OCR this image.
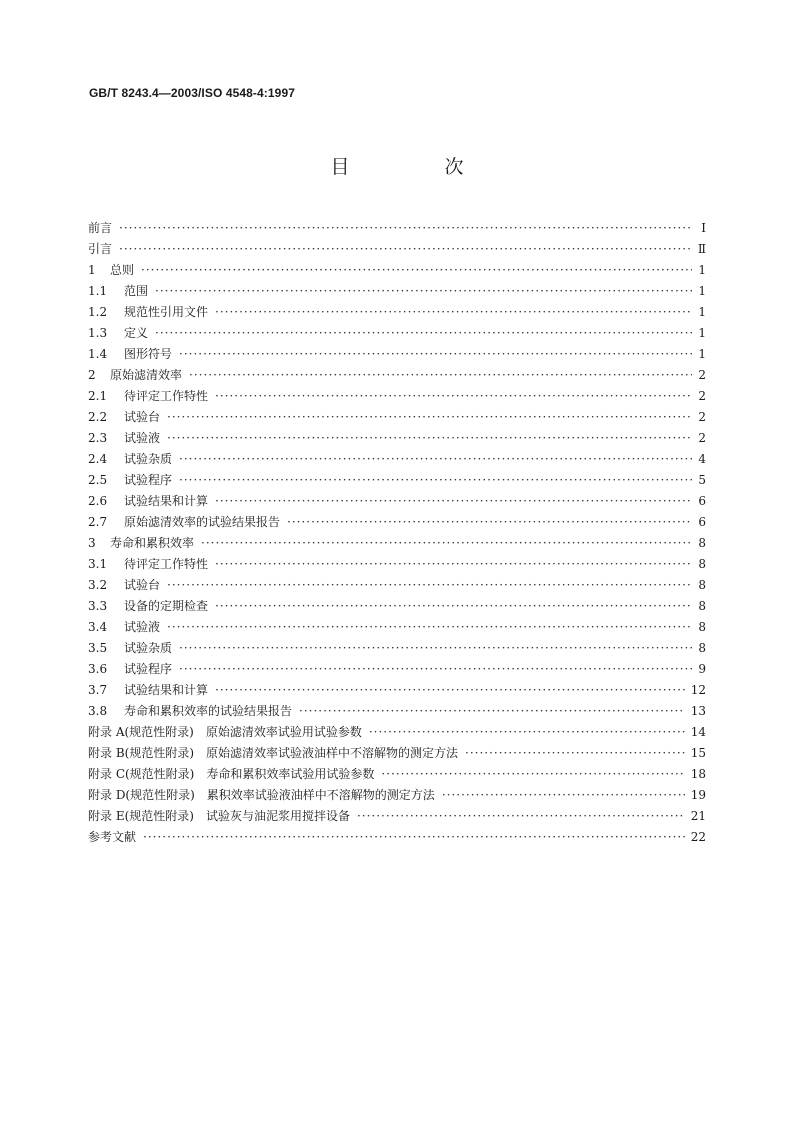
GB/T 8243.4—2003/ISO 4548-4:1997
目　次
前言 ·····	I
引言 ·····	Ⅱ
1 总则 ·····	1
1.1 范围 ·····	1
1.2 规范性引用文件 ·····	1
1.3 定义 ·····	1
1.4 图形符号 ·····	1
2 原始滤清效率 ·····	2
2.1 待评定工作特性 ·····	2
2.2 试验台 ·····	2
2.3 试验液 ·····	2
2.4 试验杂质 ·····	4
2.5 试验程序 ·····	5
2.6 试验结果和计算 ·····	6
2.7 原始滤清效率的试验结果报告 ·····	6
3 寿命和累积效率 ·····	8
3.1 待评定工作特性 ·····	8
3.2 试验台 ·····	8
3.3 设备的定期检查 ·····	8
3.4 试验液 ·····	8
3.5 试验杂质 ·····	8
3.6 试验程序 ·····	9
3.7 试验结果和计算 ·····	12
3.8 寿命和累积效率的试验结果报告 ·····	13
附录 A(规范性附录)　原始滤清效率试验用试验参数 ·····	14
附录 B(规范性附录)　原始滤清效率试验液油样中不溶解物的测定方法 ·····	15
附录 C(规范性附录)　寿命和累积效率试验用试验参数 ·····	18
附录 D(规范性附录)　累积效率试验液油样中不溶解物的测定方法 ·····	19
附录 E(规范性附录)　试验灰与油泥浆用搅拌设备 ·····	21
参考文献 ·····	22
